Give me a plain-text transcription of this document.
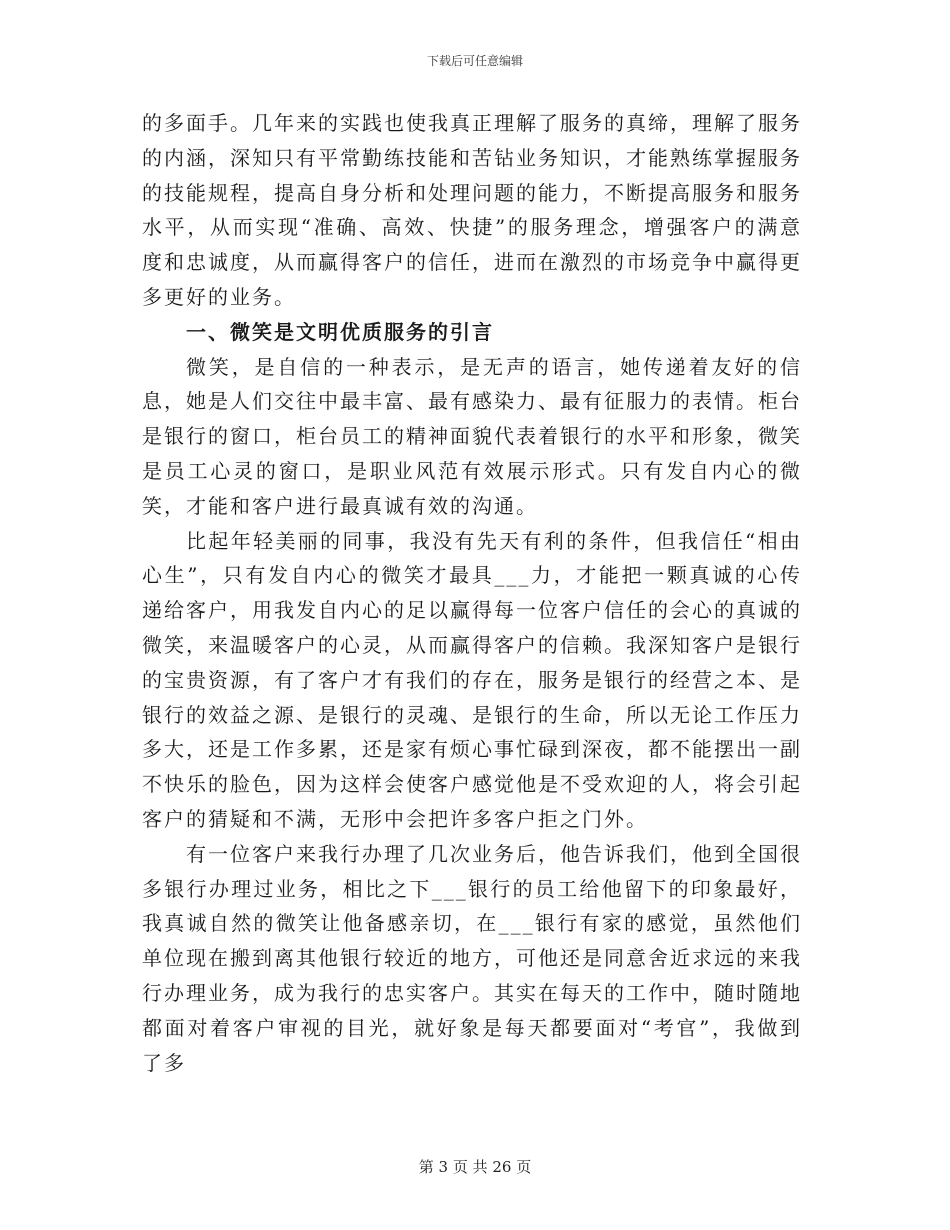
下载后可任意编辑

的多面手。几年来的实践也使我真正理解了服务的真缔，理解了服务的内涵，深知只有平常勤练技能和苦钻业务知识，才能熟练掌握服务的技能规程，提高自身分析和处理问题的能力，不断提高服务和服务水平，从而实现“准确、高效、快捷”的服务理念，增强客户的满意度和忠诚度，从而赢得客户的信任，进而在激烈的市场竞争中赢得更多更好的业务。

一、微笑是文明优质服务的引言

微笑，是自信的一种表示，是无声的语言，她传递着友好的信息，她是人们交往中最丰富、最有感染力、最有征服力的表情。柜台是银行的窗口，柜台员工的精神面貌代表着银行的水平和形象，微笑是员工心灵的窗口，是职业风范有效展示形式。只有发自内心的微笑，才能和客户进行最真诚有效的沟通。

比起年轻美丽的同事，我没有先天有利的条件，但我信任“相由心生”，只有发自内心的微笑才最具___力，才能把一颗真诚的心传递给客户，用我发自内心的足以赢得每一位客户信任的会心的真诚的微笑，来温暖客户的心灵，从而赢得客户的信赖。我深知客户是银行的宝贵资源，有了客户才有我们的存在，服务是银行的经营之本、是银行的效益之源、是银行的灵魂、是银行的生命，所以无论工作压力多大，还是工作多累，还是家有烦心事忙碌到深夜，都不能摆出一副不快乐的脸色，因为这样会使客户感觉他是不受欢迎的人，将会引起客户的猜疑和不满，无形中会把许多客户拒之门外。

有一位客户来我行办理了几次业务后，他告诉我们，他到全国很多银行办理过业务，相比之下___银行的员工给他留下的印象最好，我真诚自然的微笑让他备感亲切，在___银行有家的感觉，虽然他们单位现在搬到离其他银行较近的地方，可他还是同意舍近求远的来我行办理业务，成为我行的忠实客户。其实在每天的工作中，随时随地都面对着客户审视的目光，就好象是每天都要面对“考官”，我做到了多

第 3 页 共 26 页
